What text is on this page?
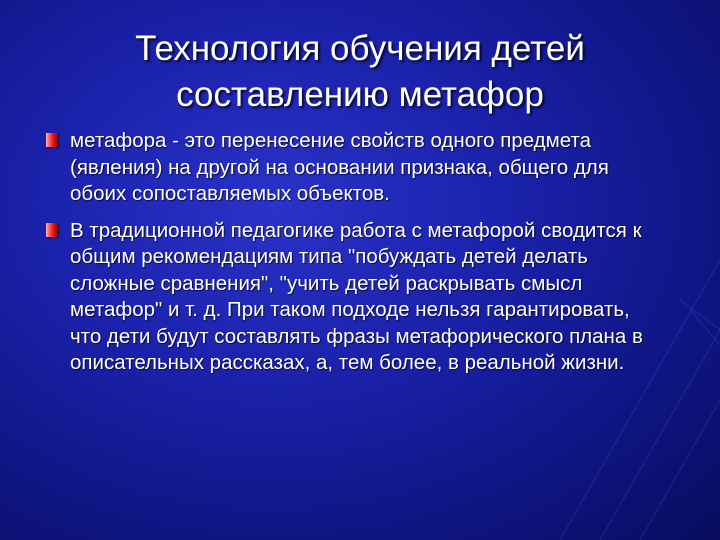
Технология обучения детей составлению метафор
метафора - это перенесение свойств одного предмета (явления) на другой на основании признака, общего для обоих сопоставляемых объектов.
В традиционной педагогике работа с метафорой сводится к общим рекомендациям типа "побуждать детей делать сложные сравнения", "учить детей раскрывать смысл метафор" и т. д. При таком подходе нельзя гарантировать, что дети будут составлять фразы метафорического плана в описательных рассказах, а, тем более, в реальной жизни.
